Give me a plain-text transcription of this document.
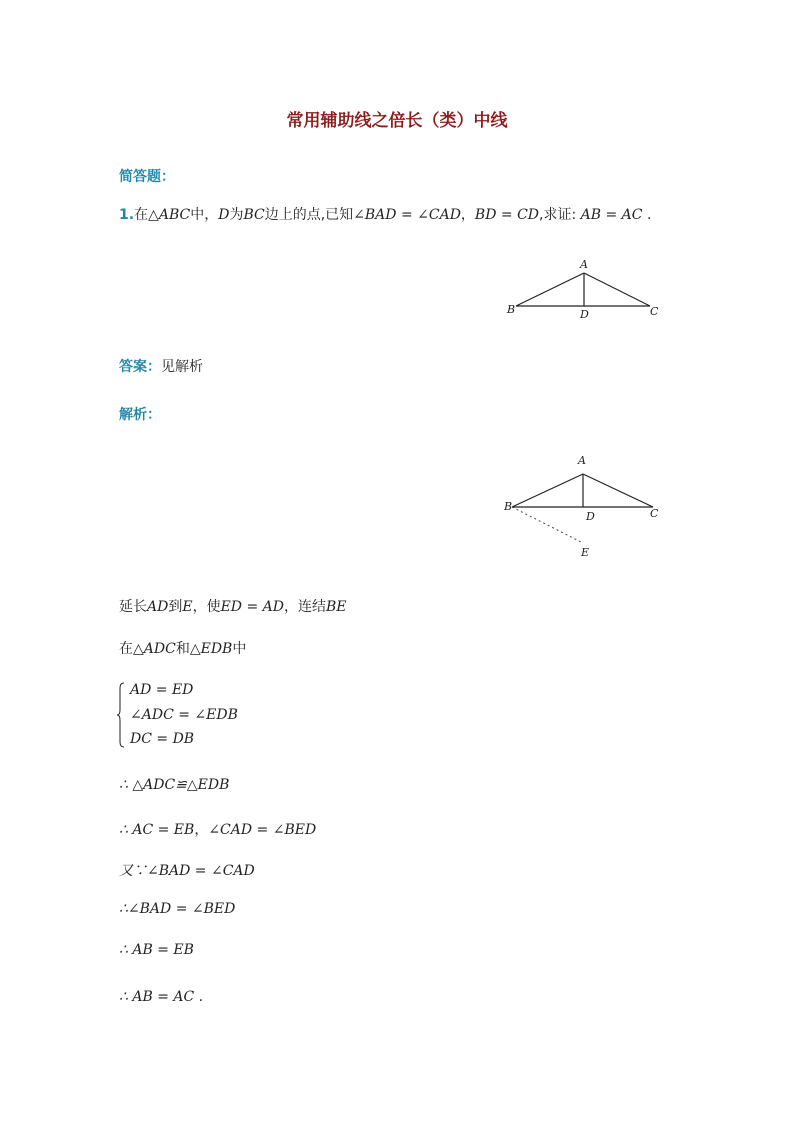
常用辅助线之倍长（类）中线
简答题：
1.在△ABC中，D为BC边上的点,已知∠BAD = ∠CAD，BD = CD,求证: AB = AC .
A
B	C
D
答案：见解析
解析：
A
B
C
D
E
延长AD到E，使ED = AD，连结BE
在△ADC和△EDB中
AD = ED
∠ADC = ∠EDB
DC = DB
∴ △ADC≌△EDB
∴ AC = EB，∠CAD = ∠BED
又∵∠BAD = ∠CAD
∴∠BAD = ∠BED
∴ AB = EB
∴ AB = AC .
